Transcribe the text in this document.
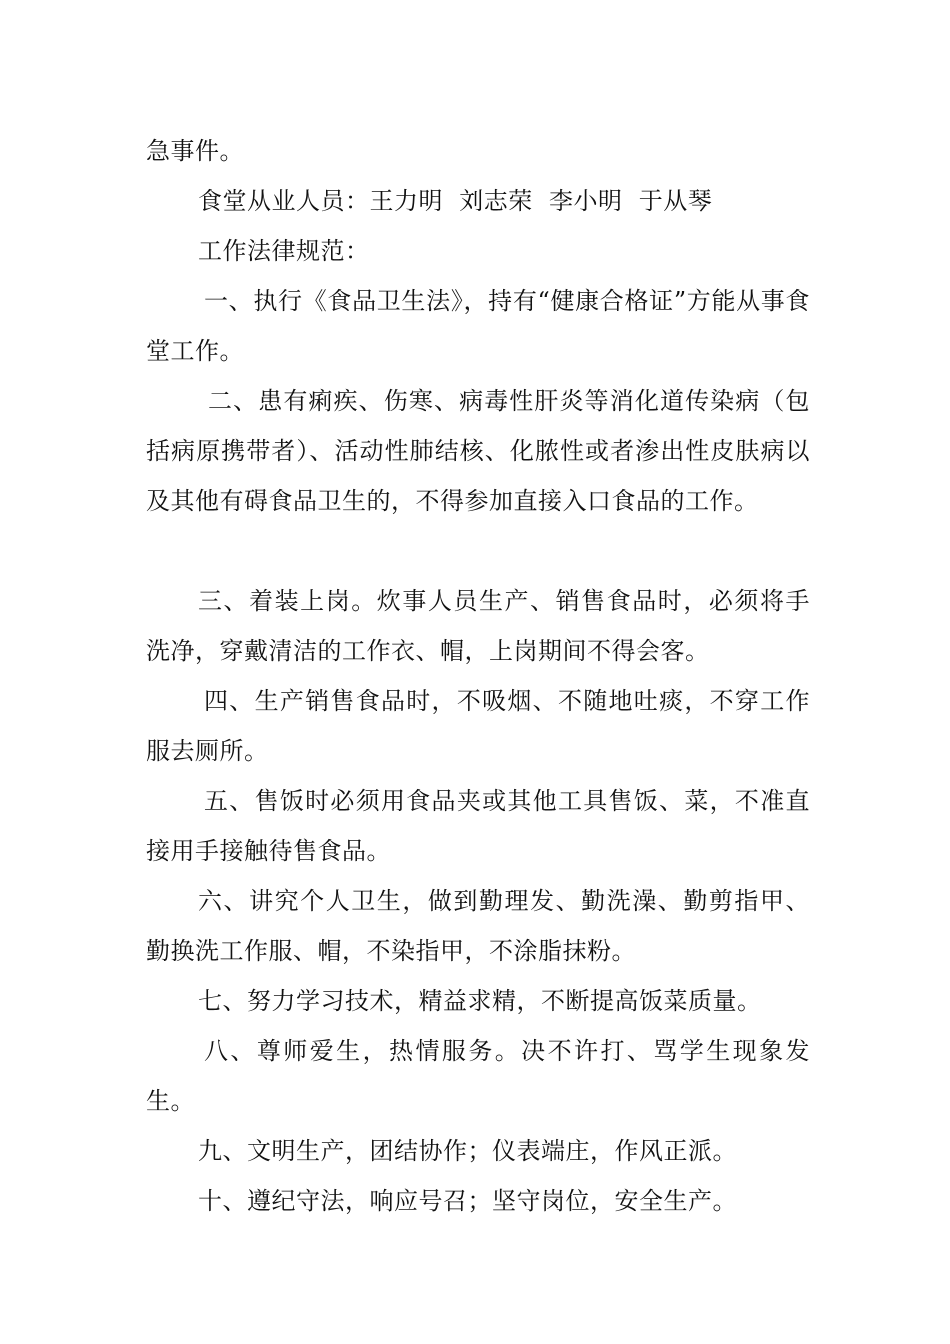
急事件。

食堂从业人员：王力明  刘志荣  李小明  于从琴

工作法律规范：

一、执行《食品卫生法》，持有“健康合格证”方能从事食堂工作。

二、患有痢疾、伤寒、病毒性肝炎等消化道传染病（包括病原携带者）、活动性肺结核、化脓性或者渗出性皮肤病以及其他有碍食品卫生的，不得参加直接入口食品的工作。

三、着装上岗。炊事人员生产、销售食品时，必须将手洗净，穿戴清洁的工作衣、帽，上岗期间不得会客。

四、生产销售食品时，不吸烟、不随地吐痰，不穿工作服去厕所。

五、售饭时必须用食品夹或其他工具售饭、菜，不准直接用手接触待售食品。

六、讲究个人卫生，做到勤理发、勤洗澡、勤剪指甲、勤换洗工作服、帽，不染指甲，不涂脂抹粉。

七、努力学习技术，精益求精，不断提高饭菜质量。

八、尊师爱生，热情服务。决不许打、骂学生现象发生。

九、文明生产，团结协作；仪表端庄，作风正派。

十、遵纪守法，响应号召；坚守岗位，安全生产。
